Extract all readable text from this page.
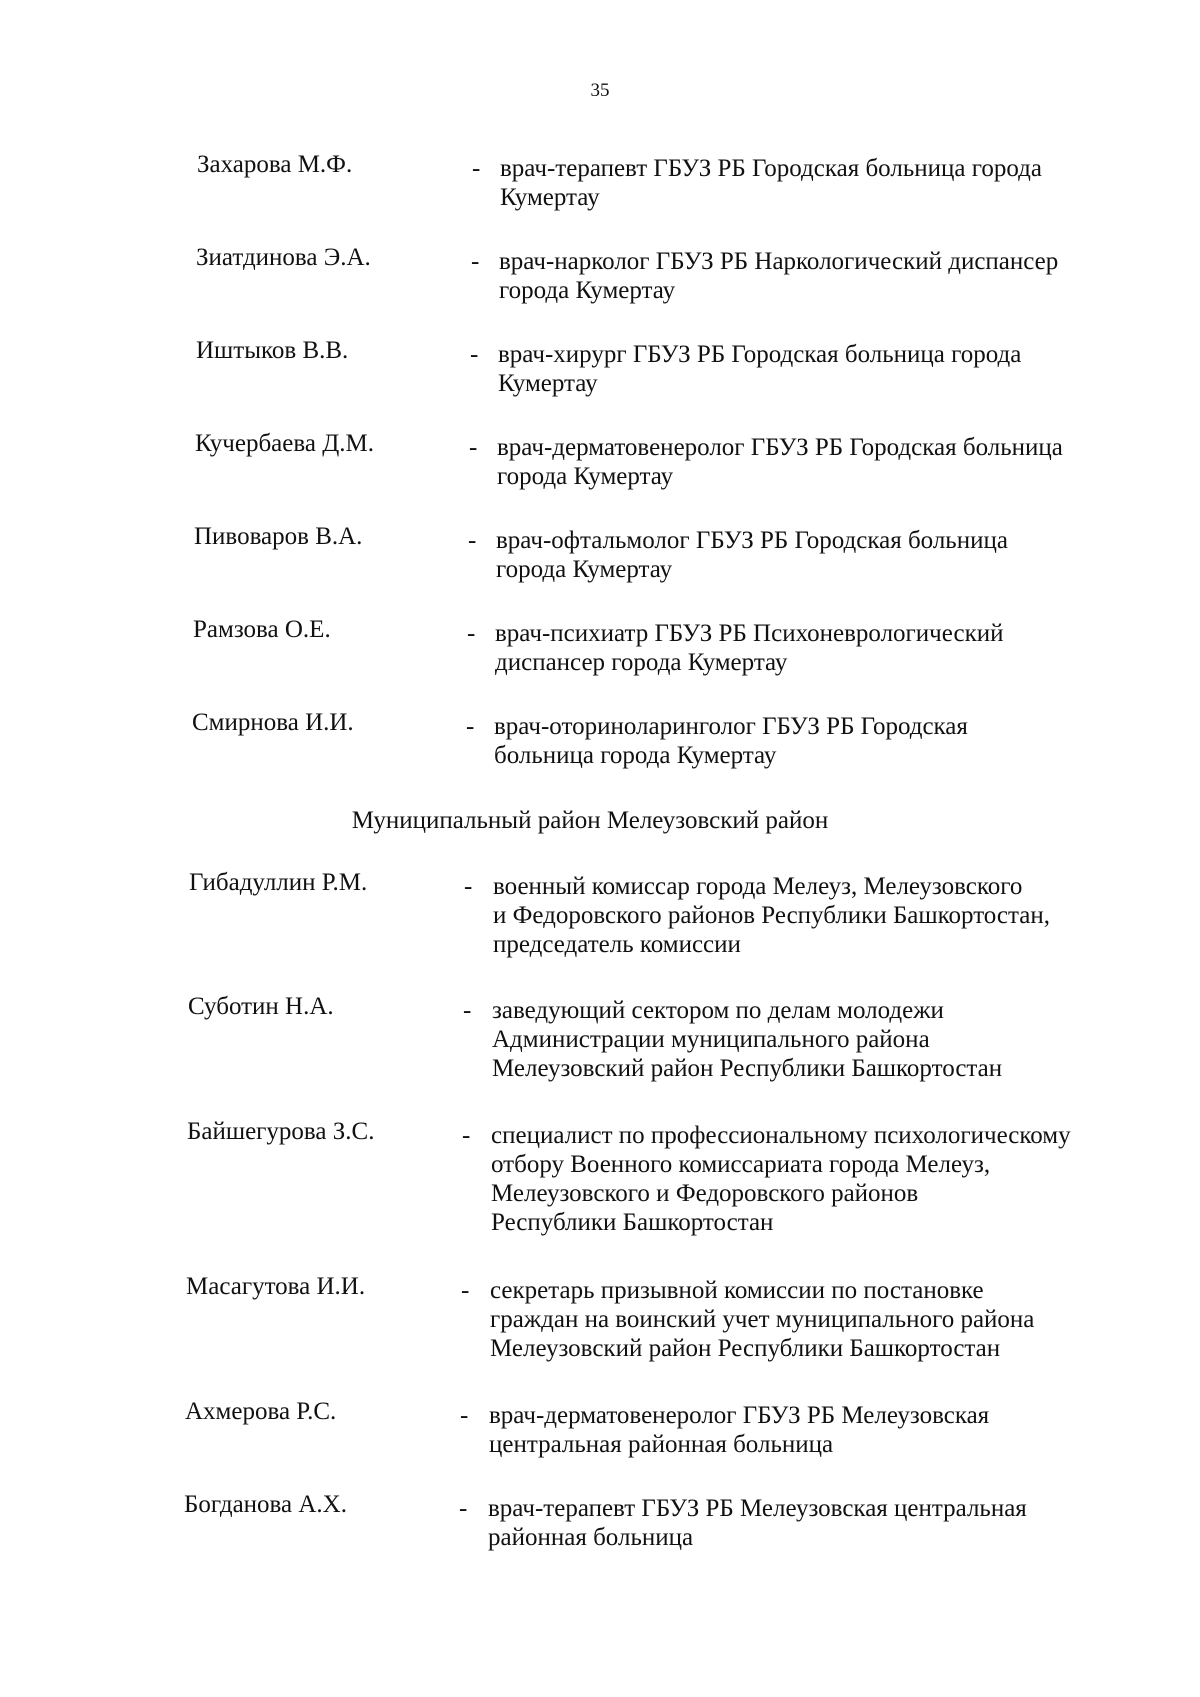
35
Захарова М.Ф.	- врач-терапевт ГБУЗ РБ Городская больница города
Кумертау
Зиатдинова Э.А.	- врач-нарколог ГБУЗ РБ Наркологический диспансер
города Кумертау
Иштыков В.В.	- врач-хирург ГБУЗ РБ Городская больница города
Кумертау
Кучербаева Д.М.	- врач-дерматовенеролог ГБУЗ РБ Городская больница
города Кумертау
Пивоваров В.А.	- врач-офтальмолог ГБУЗ РБ Городская больница
города Кумертау
Рамзова О.Е.	- врач-психиатр ГБУЗ РБ Психоневрологический
диспансер города Кумертау
Смирнова И.И.	- врач-оториноларинголог ГБУЗ РБ Городская
больница города Кумертау
Муниципальный район Мелеузовский район
Гибадуллин Р.М.	- военный комиссар города Мелеуз, Мелеузовского
и Федоровского районов Республики Башкортостан,
председатель комиссии
Суботин Н.А.	- заведующий сектором по делам молодежи
Администрации муниципального района
Мелеузовский район Республики Башкортостан
Байшегурова З.С.	- специалист по профессиональному психологическому
отбору Военного комиссариата города Мелеуз,
Мелеузовского и Федоровского районов
Республики Башкортостан
Масагутова И.И.	- секретарь призывной комиссии по постановке
граждан на воинский учет муниципального района
Мелеузовский район Республики Башкортостан
Ахмерова Р.С.	- врач-дерматовенеролог ГБУЗ РБ Мелеузовская
центральная районная больница
Богданова А.Х.	- врач-терапевт ГБУЗ РБ Мелеузовская центральная
районная больница
